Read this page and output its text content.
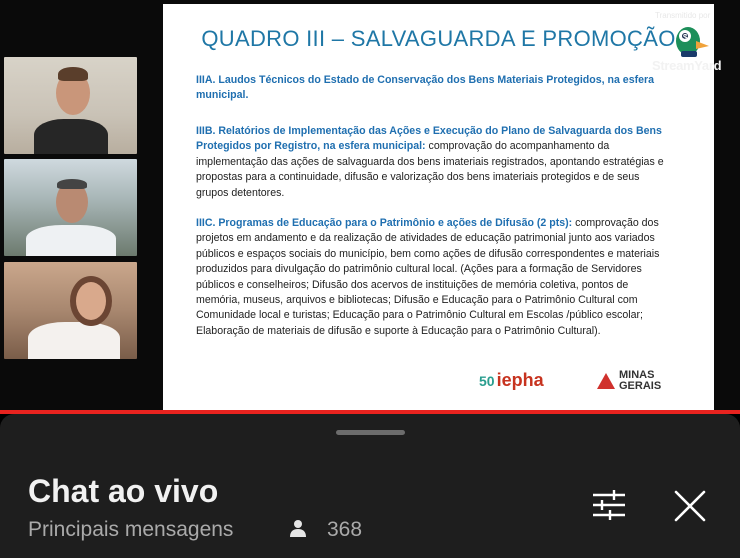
QUADRO III – SALVAGUARDA E PROMOÇÃO
IIIA. Laudos Técnicos do Estado de Conservação dos Bens Materiais Protegidos, na esfera municipal.
IIIB. Relatórios de Implementação das Ações e Execução do Plano de Salvaguarda dos Bens Protegidos por Registro, na esfera municipal: comprovação do acompanhamento da implementação das ações de salvaguarda dos bens imateriais registrados, apontando estratégias e propostas para a continuidade, difusão e valorização dos bens imateriais protegidos e de seus grupos detentores.
IIIC. Programas de Educação para o Patrimônio e ações de Difusão (2 pts): comprovação dos projetos em andamento e da realização de atividades de educação patrimonial junto aos variados públicos e espaços sociais do município, bem como ações de difusão correspondentes e materiais produzidos para divulgação do patrimônio cultural local. (Ações para a formação de Servidores públicos e conselheiros; Difusão dos acervos de instituições de memória coletiva, pontos de memória, museus, arquivos e bibliotecas; Difusão e Educação para o Patrimônio Cultural com Comunidade local e turistas; Educação para o Patrimônio Cultural em Escolas /público escolar; Elaboração de materiais de difusão e suporte à Educação para o Patrimônio Cultural).
50 iepha	MINAS
GERAIS
Transmitido por
$
StreamYard
Chat ao vivo
Principais mensagens	368
